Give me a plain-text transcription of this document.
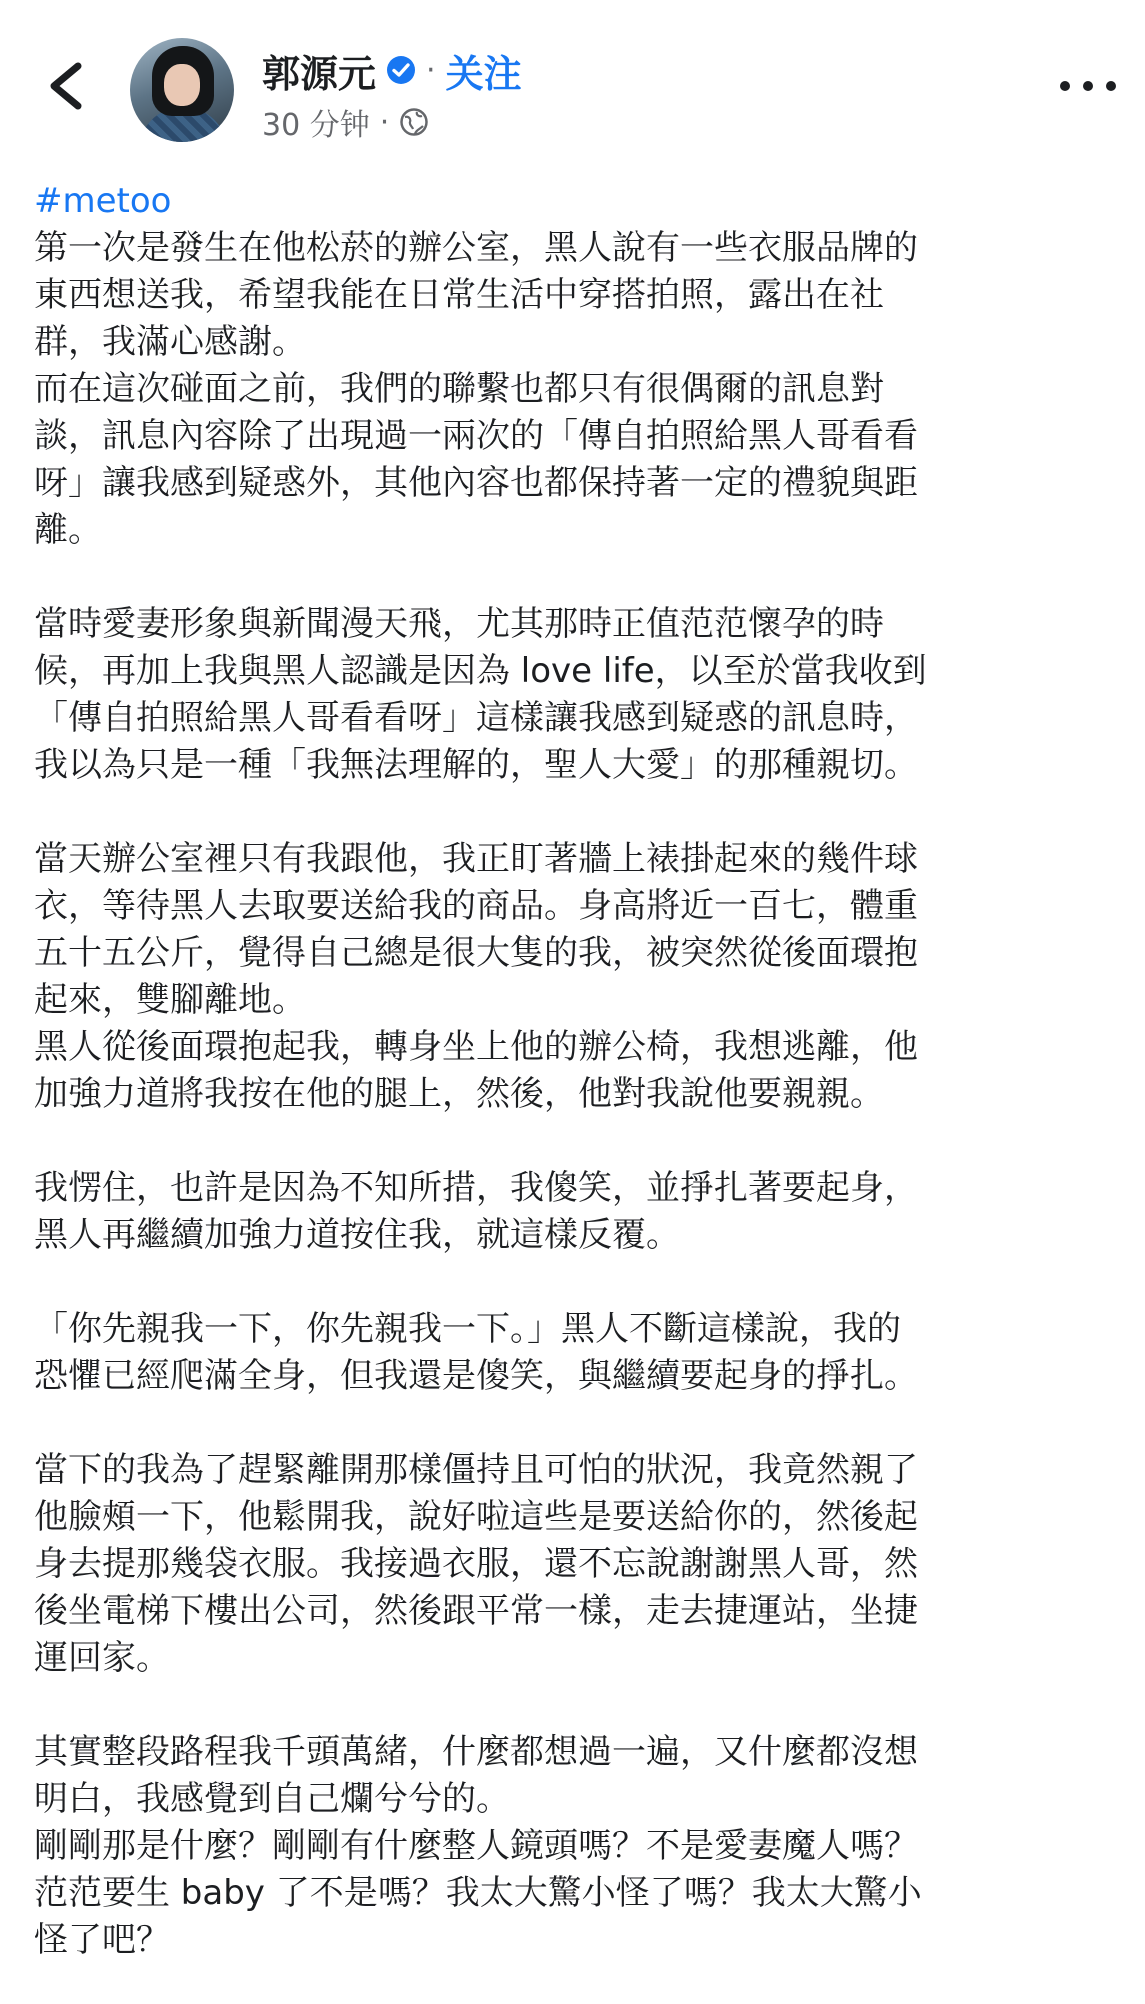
郭源元 · 关注
30 分钟 ·
#metoo
第一次是發生在他松菸的辦公室，黑人說有一些衣服品牌的
東西想送我，希望我能在日常生活中穿搭拍照，露出在社
群，我滿心感謝。
而在這次碰面之前，我們的聯繫也都只有很偶爾的訊息對
談，訊息內容除了出現過一兩次的「傳自拍照給黑人哥看看
呀」讓我感到疑惑外，其他內容也都保持著一定的禮貌與距
離。
當時愛妻形象與新聞漫天飛，尤其那時正值范范懷孕的時
候，再加上我與黑人認識是因為 love life，以至於當我收到
「傳自拍照給黑人哥看看呀」這樣讓我感到疑惑的訊息時，
我以為只是一種「我無法理解的，聖人大愛」的那種親切。
當天辦公室裡只有我跟他，我正盯著牆上裱掛起來的幾件球
衣，等待黑人去取要送給我的商品。身高將近一百七，體重
五十五公斤，覺得自己總是很大隻的我，被突然從後面環抱
起來，雙腳離地。
黑人從後面環抱起我，轉身坐上他的辦公椅，我想逃離，他
加強力道將我按在他的腿上，然後，他對我說他要親親。
我愣住，也許是因為不知所措，我傻笑，並掙扎著要起身，
黑人再繼續加強力道按住我，就這樣反覆。
「你先親我一下，你先親我一下。」黑人不斷這樣說，我的
恐懼已經爬滿全身，但我還是傻笑，與繼續要起身的掙扎。
當下的我為了趕緊離開那樣僵持且可怕的狀況，我竟然親了
他臉頰一下，他鬆開我，說好啦這些是要送給你的，然後起
身去提那幾袋衣服。我接過衣服，還不忘說謝謝黑人哥，然
後坐電梯下樓出公司，然後跟平常一樣，走去捷運站，坐捷
運回家。
其實整段路程我千頭萬緒，什麼都想過一遍，又什麼都沒想
明白，我感覺到自己爛兮兮的。
剛剛那是什麼？剛剛有什麼整人鏡頭嗎？不是愛妻魔人嗎？
范范要生 baby 了不是嗎？我太大驚小怪了嗎？我太大驚小
怪了吧？
